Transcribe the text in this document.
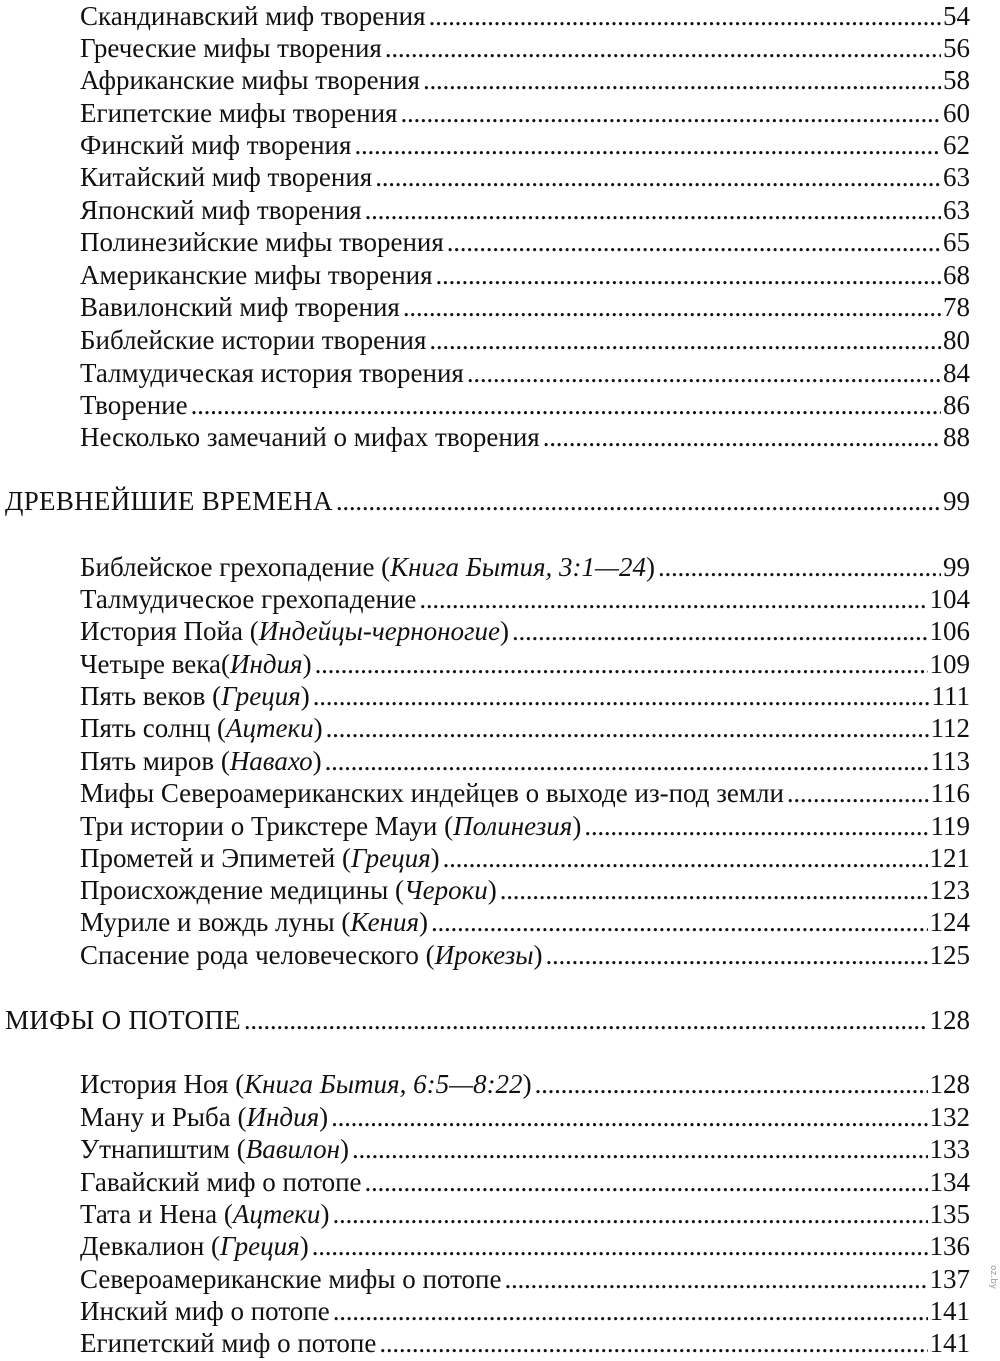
Скандинавский миф творения . . .	54
Греческие мифы творения . . .	56
Африканские мифы творения . . .	58
Египетские мифы творения . . .	60
Финский миф творения . . .	62
Китайский миф творения . . .	63
Японский миф творения . . .	63
Полинезийские мифы творения . . .	65
Американские мифы творения . . .	68
Вавилонский миф творения . . .	78
Библейские истории творения . . .	80
Талмудическая история творения . . .	84
Творение . . .	86
Несколько замечаний о мифах творения . . .	88
ДРЕВНЕЙШИЕ ВРЕМЕНА . . .	99
Библейское грехопадение (Книга Бытия, 3:1—24) . . .	99
Талмудическое грехопадение . . .	104
История Пойа (Индейцы-черноногие) . . .	106
Четыре века(Индия) . . .	109
Пять веков (Греция) . . .	111
Пять солнц (Ацтеки) . . .	112
Пять миров (Навахо) . . .	113
Мифы Североамериканских индейцев о выходе из-под земли . . .	116
Три истории о Трикстере Мауи (Полинезия) . . .	119
Прометей и Эпиметей (Греция) . . .	121
Происхождение медицины (Чероки) . . .	123
Муриле и вождь луны (Кения) . . .	124
Спасение рода человеческого (Ирокезы) . . .	125
МИФЫ О ПОТОПЕ . . .	128
История Ноя (Книга Бытия, 6:5—8:22) . . .	128
Ману и Рыба (Индия) . . .	132
Утнапиштим (Вавилон) . . .	133
Гавайский миф о потопе . . .	134
Тата и Нена (Ацтеки) . . .	135
Девкалион (Греция) . . .	136
Североамериканские мифы о потопе . . .	137
Инский миф о потопе . . .	141
Египетский миф о потопе . . .	141
oz.by
